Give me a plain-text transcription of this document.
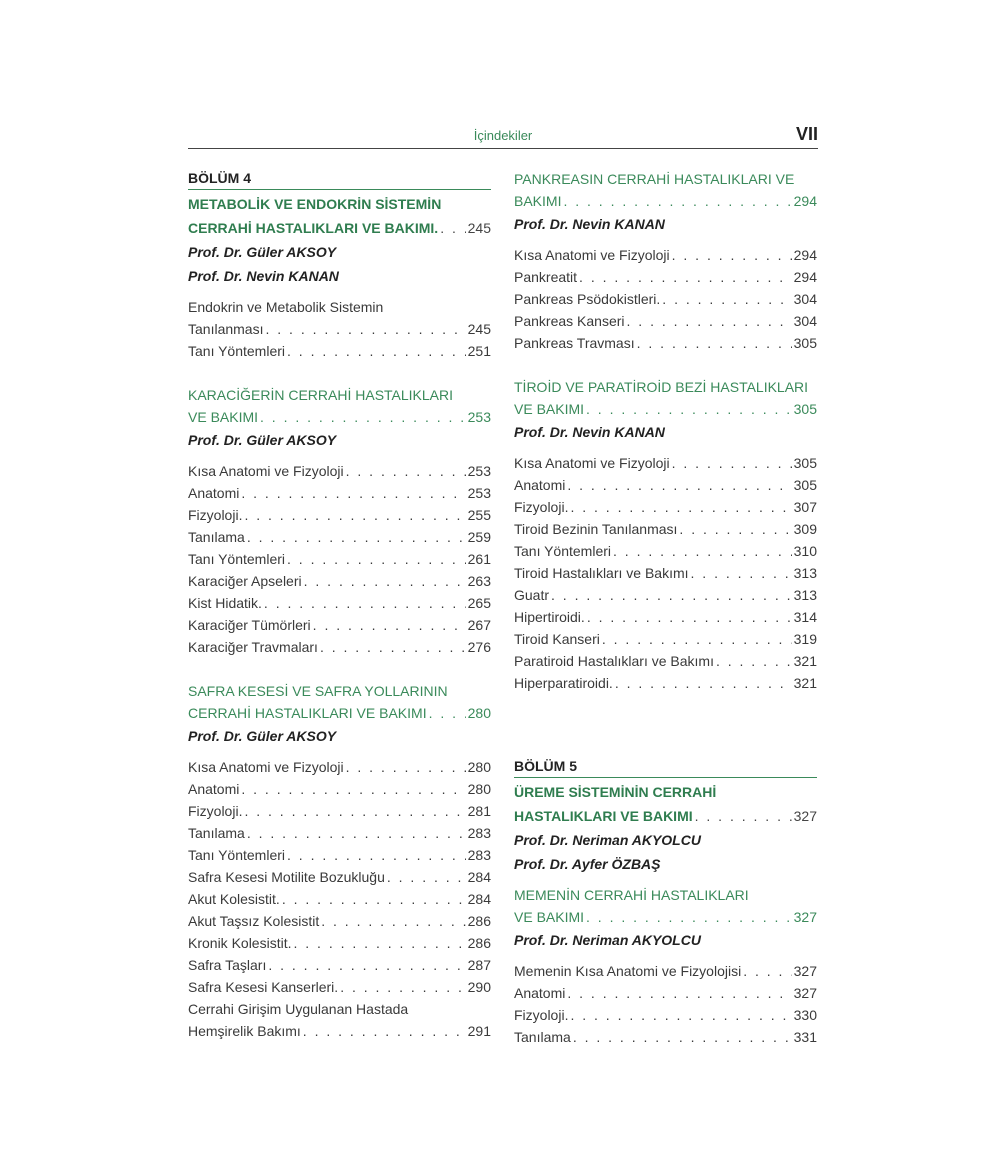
İçindekiler	VII
BÖLÜM 4
METABOLİK VE ENDOKRİN SİSTEMİN
CERRAHİ HASTALIKLARI VE BAKIMI. . . . 245
Prof. Dr. Güler AKSOY
Prof. Dr. Nevin KANAN
Endokrin ve Metabolik Sistemin
Tanılanması . . .	245
Tanı Yöntemleri . . .	251
KARACİĞERİN CERRAHİ HASTALIKLARI
VE BAKIMI . . .	253
Prof. Dr. Güler AKSOY
Kısa Anatomi ve Fizyoloji . . .	253
Anatomi . . .	253
Fizyoloji. . . .	255
Tanılama . . .	259
Tanı Yöntemleri . . .	261
Karaciğer Apseleri . . .	263
Kist Hidatik. . . .	265
Karaciğer Tümörleri . . .	267
Karaciğer Travmaları . . .	276
SAFRA KESESİ VE SAFRA YOLLARININ
CERRAHİ HASTALIKLARI VE BAKIMI . . .	280
Prof. Dr. Güler AKSOY
Kısa Anatomi ve Fizyoloji . . .	280
Anatomi . . .	280
Fizyoloji. . . .	281
Tanılama . . .	283
Tanı Yöntemleri . . .	283
Safra Kesesi Motilite Bozukluğu . . .	284
Akut Kolesistit. . . .	284
Akut Taşsız Kolesistit . . .	286
Kronik Kolesistit. . . .	286
Safra Taşları . . .	287
Safra Kesesi Kanserleri. . . .	290
Cerrahi Girişim Uygulanan Hastada
Hemşirelik Bakımı . . .	291
PANKREASIN CERRAHİ HASTALIKLARI VE
BAKIMI . . .	294
Prof. Dr. Nevin KANAN
Kısa Anatomi ve Fizyoloji . . .	294
Pankreatit . . .	294
Pankreas Psödokistleri. . . .	304
Pankreas Kanseri . . .	304
Pankreas Travması . . .	305
TİROİD VE PARATİROİD BEZİ HASTALIKLARI
VE BAKIMI . . .	305
Prof. Dr. Nevin KANAN
Kısa Anatomi ve Fizyoloji . . .	305
Anatomi . . .	305
Fizyoloji. . . .	307
Tiroid Bezinin Tanılanması . . .	309
Tanı Yöntemleri . . .	310
Tiroid Hastalıkları ve Bakımı . . .	313
Guatr . . .	313
Hipertiroidi. . . .	314
Tiroid Kanseri . . .	319
Paratiroid Hastalıkları ve Bakımı . . .	321
Hiperparatiroidi. . . .	321
BÖLÜM 5
ÜREME SİSTEMİNİN CERRAHİ
HASTALIKLARI VE BAKIMI . . .	327
Prof. Dr. Neriman AKYOLCU
Prof. Dr. Ayfer ÖZBAŞ
MEMENİN CERRAHİ HASTALIKLARI
VE BAKIMI . . .	327
Prof. Dr. Neriman AKYOLCU
Memenin Kısa Anatomi ve Fizyolojisi . . .	327
Anatomi . . .	327
Fizyoloji. . . .	330
Tanılama . . .	331
